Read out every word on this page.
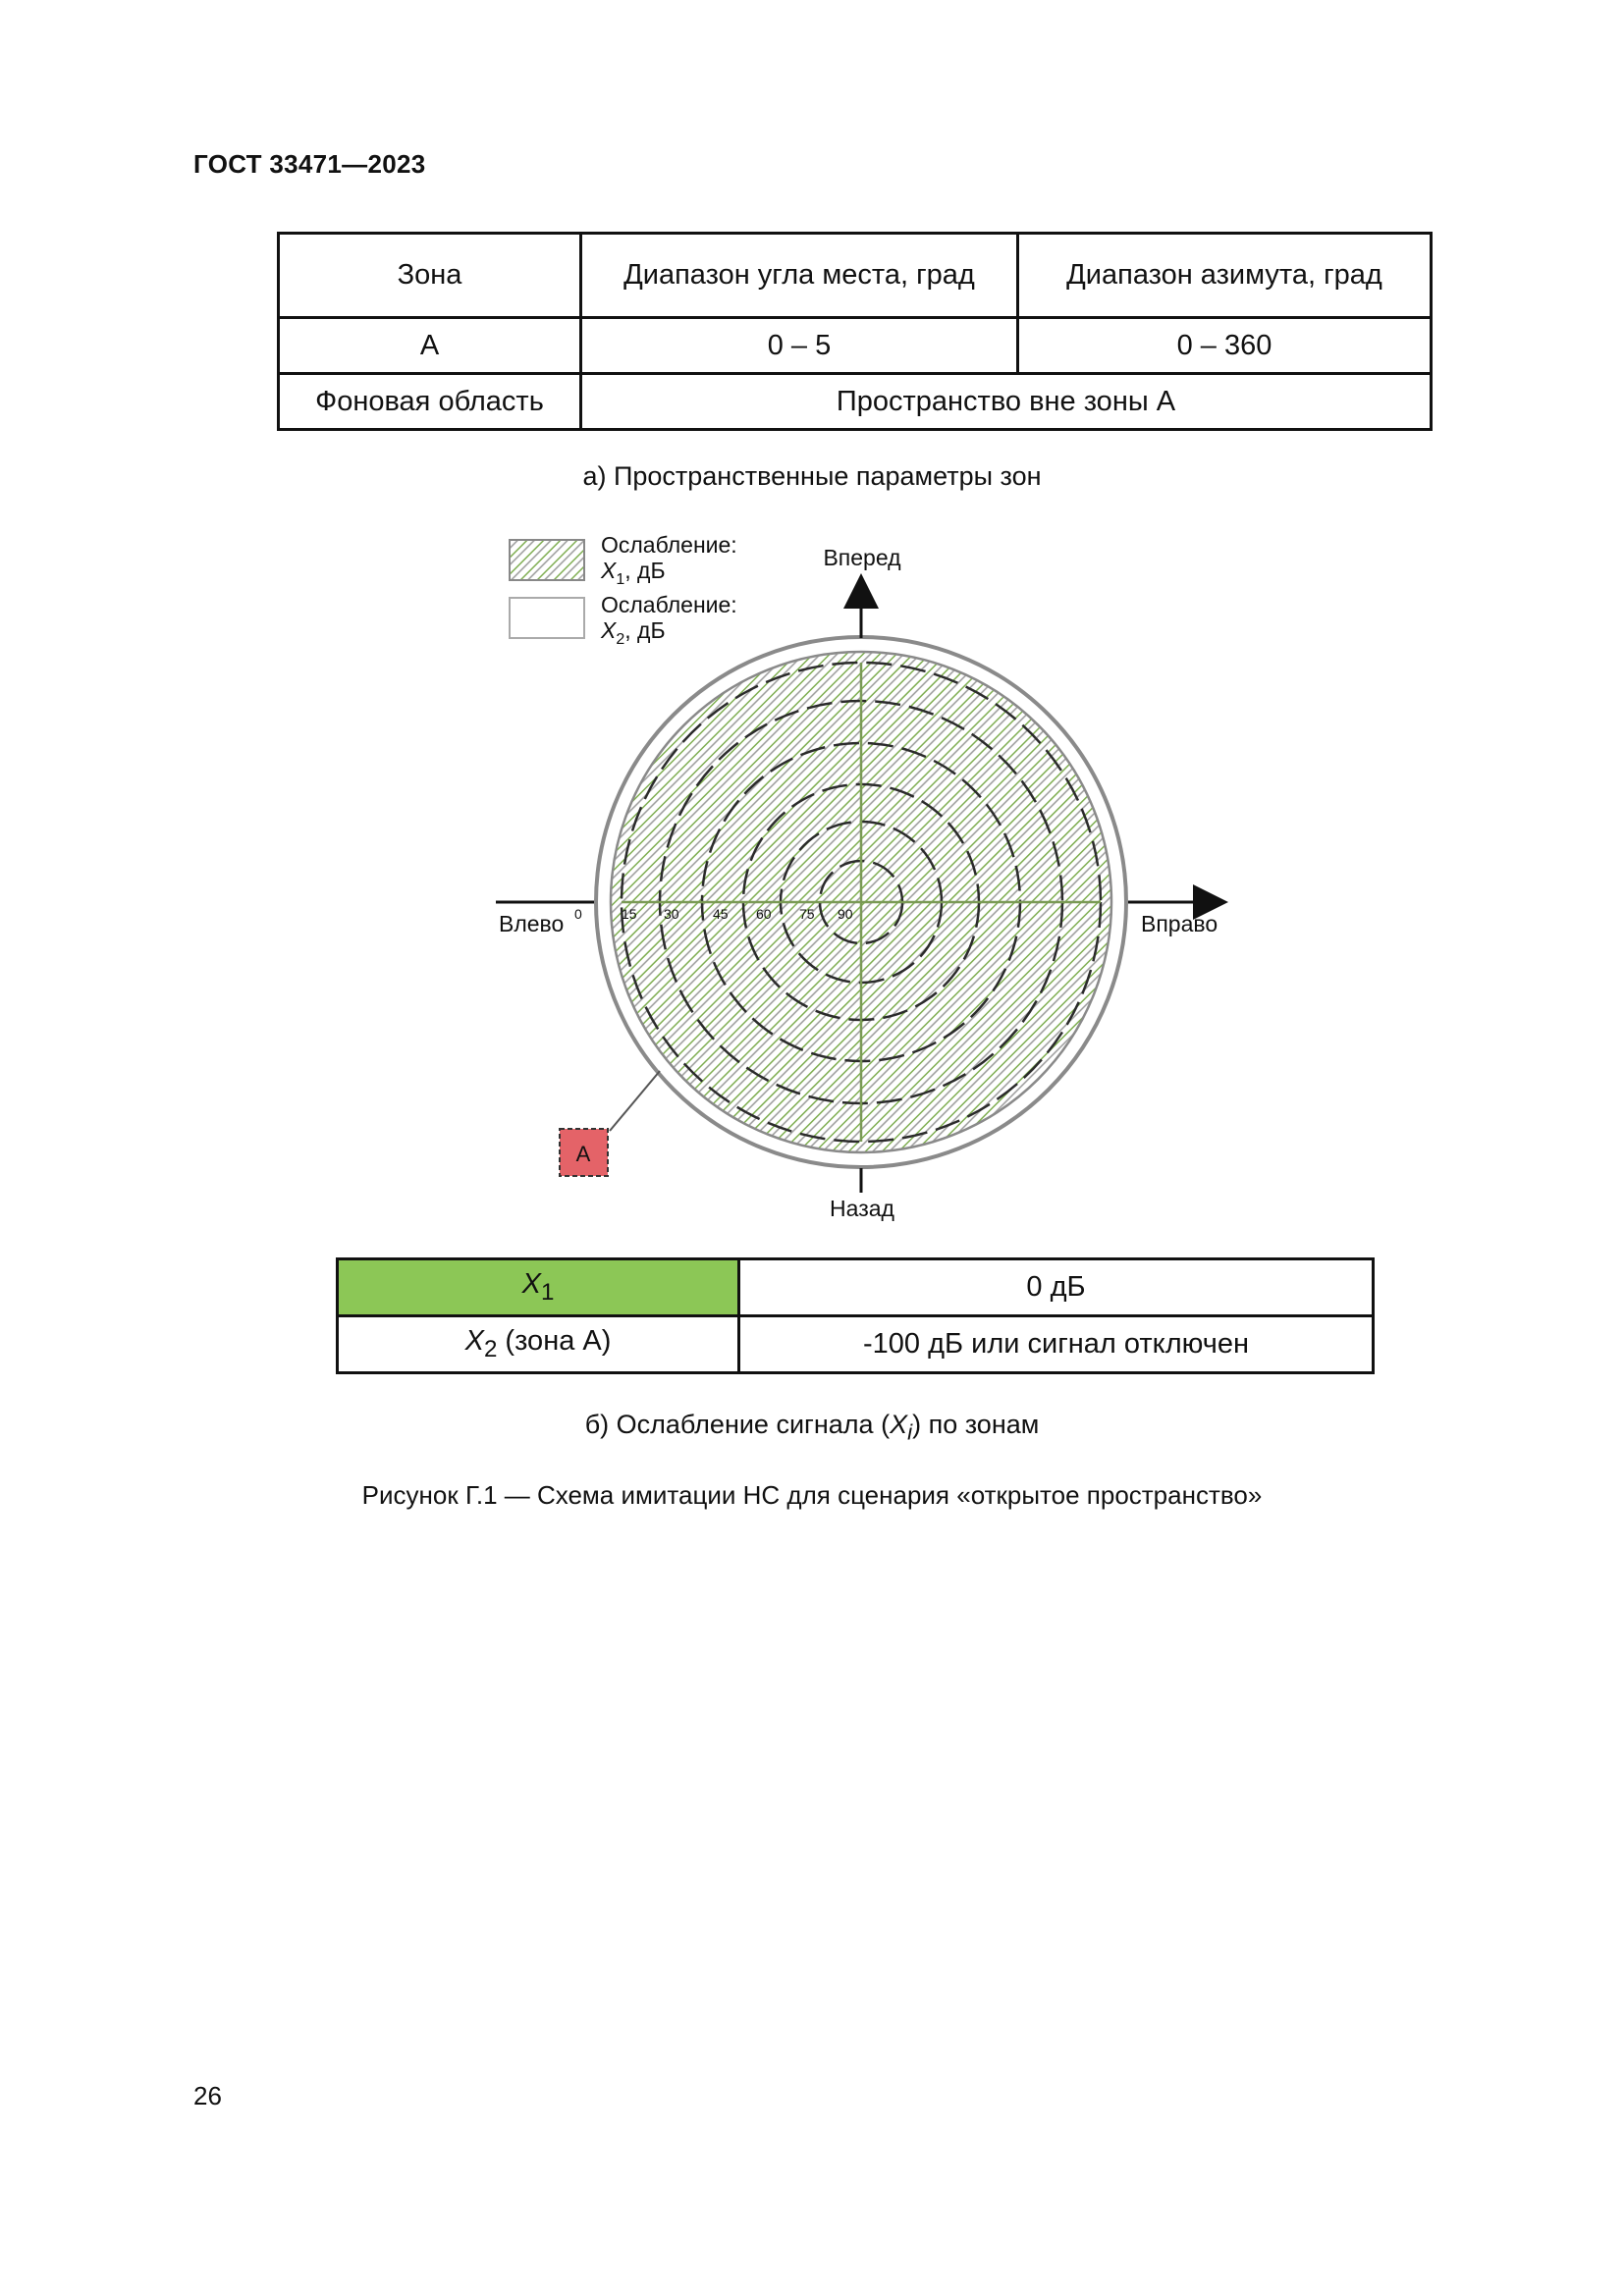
ГОСТ 33471—2023
Зона	Диапазон угла места, град	Диапазон азимута, град
А	0 – 5	0 – 360
Фоновая область	Пространство вне зоны А	
а) Пространственные параметры зон
Ослабление:
$X_1$, дБ
Ослабление:
$X_2$, дБ
0	15 30 45 60 75 90
Вперед
Назад
Влево	Вправо
А
$X_1$	0 дБ
$X_2$ (зона А)	-100 дБ или сигнал отключен
б) Ослабление сигнала $(X_i)$ по зонам
Рисунок Г.1 — Схема имитации НС для сценария «открытое пространство»
26
